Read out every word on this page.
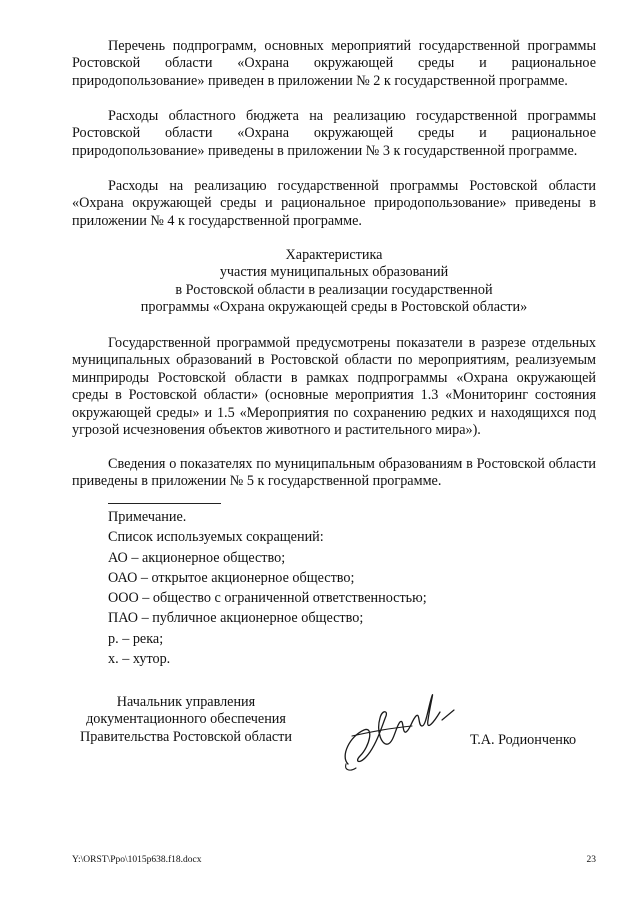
Перечень подпрограмм, основных мероприятий государственной программы Ростовской области «Охрана окружающей среды и рациональное природопользование» приведен в приложении № 2 к государственной программе.

Расходы областного бюджета на реализацию государственной программы Ростовской области «Охрана окружающей среды и рациональное природопользование» приведены в приложении № 3 к государственной программе.

Расходы на реализацию государственной программы Ростовской области «Охрана окружающей среды и рациональное природопользование» приведены в приложении № 4 к государственной программе.

Характеристика
участия муниципальных образований
в Ростовской области в реализации государственной
программы «Охрана окружающей среды в Ростовской области»

Государственной программой предусмотрены показатели в разрезе отдельных муниципальных образований в Ростовской области по мероприятиям, реализуемым минприроды Ростовской области в рамках подпрограммы «Охрана окружающей среды в Ростовской области» (основные мероприятия 1.3 «Мониторинг состояния окружающей среды» и 1.5 «Мероприятия по сохранению редких и находящихся под угрозой исчезновения объектов животного и растительного мира»).

Сведения о показателях по муниципальным образованиям в Ростовской области приведены в приложении № 5 к государственной программе.

Примечание.
Список используемых сокращений:
АО – акционерное общество;
ОАО – открытое акционерное общество;
ООО – общество с ограниченной ответственностью;
ПАО – публичное акционерное общество;
р. – река;
х. – хутор.
Начальник управления
документационного обеспечения
Правительства Ростовской области	Т.А. Родионченко
Y:\ORST\Ppo\1015p638.f18.docx	23
